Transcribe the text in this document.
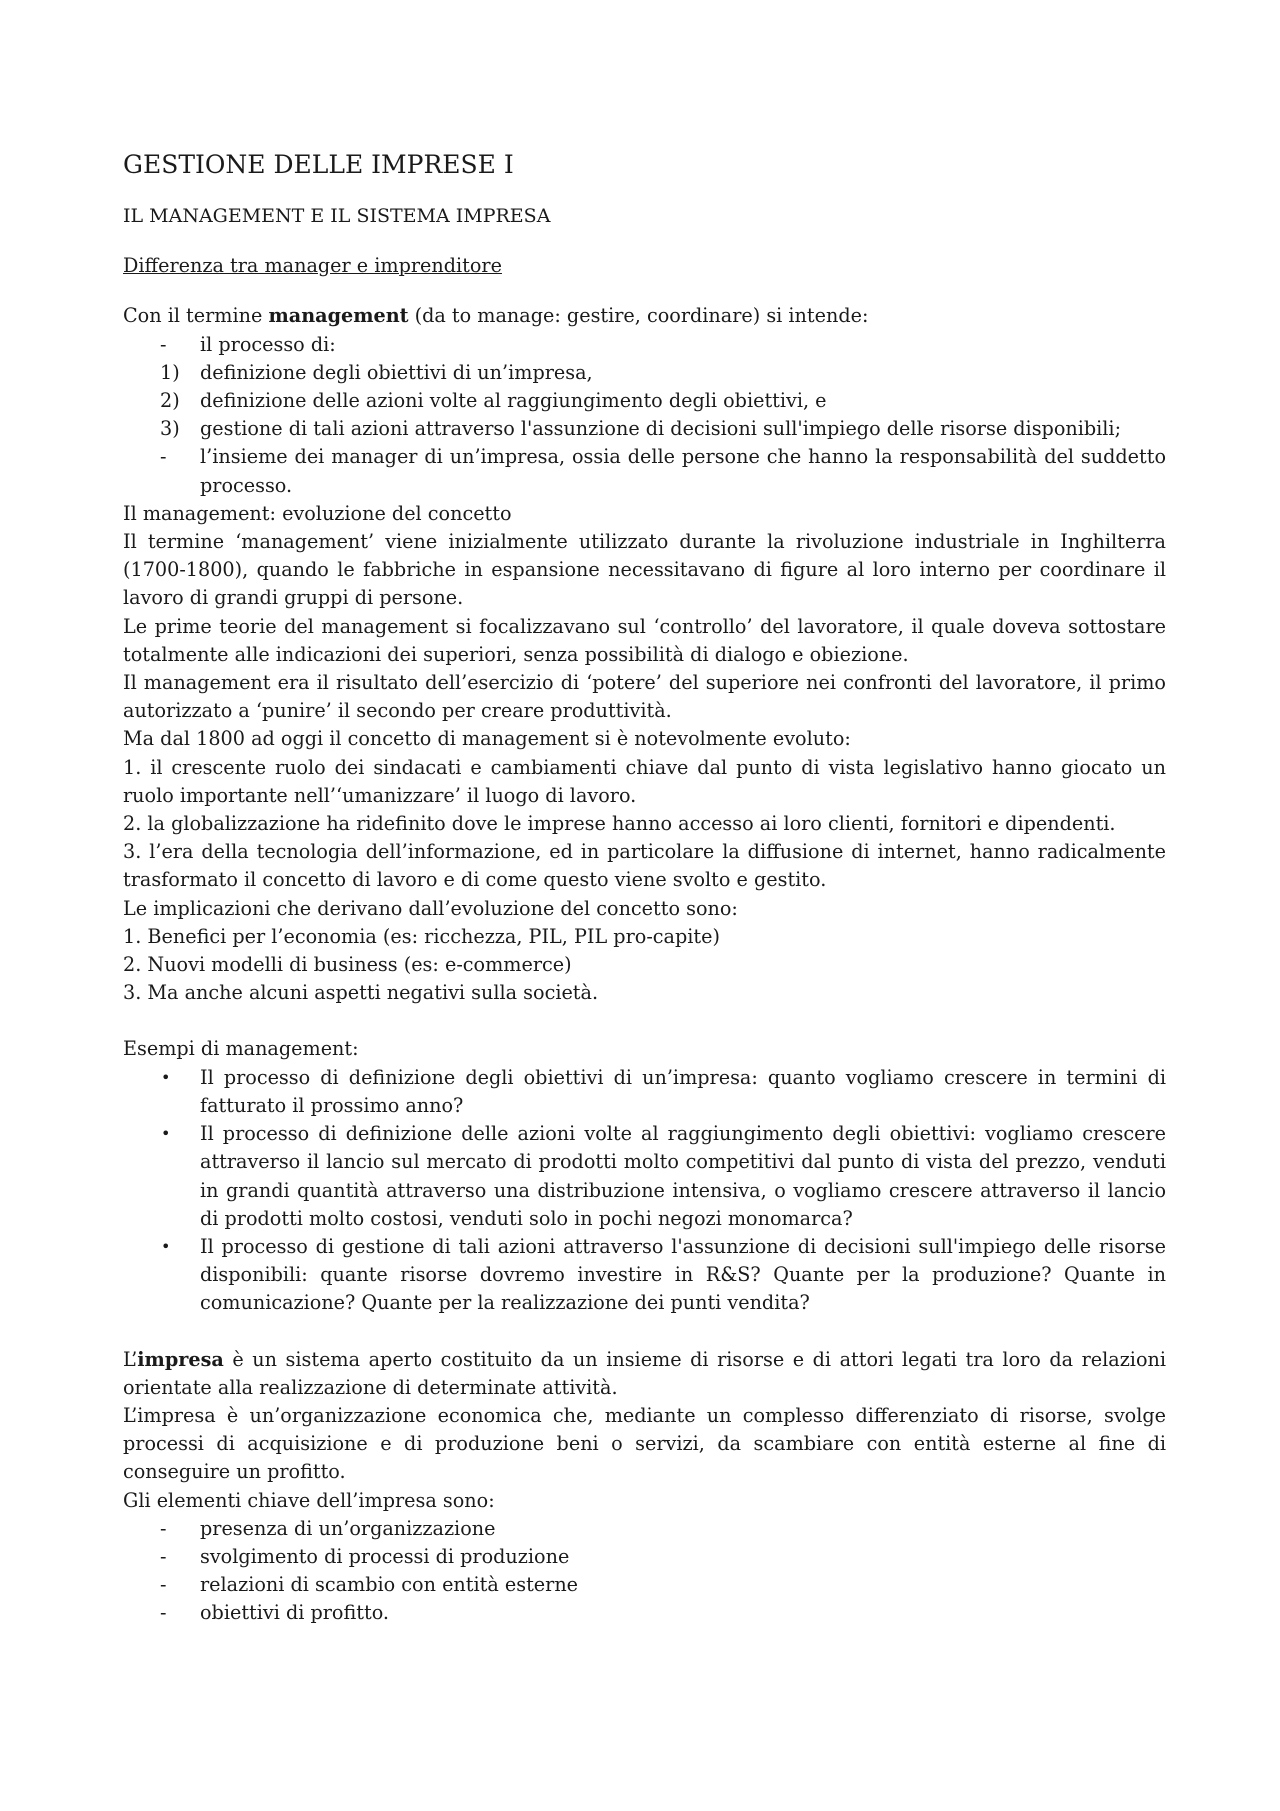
GESTIONE DELLE IMPRESE I

IL MANAGEMENT E IL SISTEMA IMPRESA

Differenza tra manager e imprenditore

Con il termine management (da to manage: gestire, coordinare) si intende:

-	il processo di:
1)	definizione degli obiettivi di un’impresa,
2)	definizione delle azioni volte al raggiungimento degli obiettivi, e
3)	gestione di tali azioni attraverso l'assunzione di decisioni sull'impiego delle risorse disponibili;
-	l’insieme dei manager di un’impresa, ossia delle persone che hanno la responsabilità del suddetto processo.

Il management: evoluzione del concetto

Il termine ‘management’ viene inizialmente utilizzato durante la rivoluzione industriale in Inghilterra (1700-1800), quando le fabbriche in espansione necessitavano di figure al loro interno per coordinare il lavoro di grandi gruppi di persone.

Le prime teorie del management si focalizzavano sul ‘controllo’ del lavoratore, il quale doveva sottostare totalmente alle indicazioni dei superiori, senza possibilità di dialogo e obiezione.

Il management era il risultato dell’esercizio di ‘potere’ del superiore nei confronti del lavoratore, il primo autorizzato a ‘punire’ il secondo per creare produttività.

Ma dal 1800 ad oggi il concetto di management si è notevolmente evoluto:

1. il crescente ruolo dei sindacati e cambiamenti chiave dal punto di vista legislativo hanno giocato un ruolo importante nell’‘umanizzare’ il luogo di lavoro.

2. la globalizzazione ha ridefinito dove le imprese hanno accesso ai loro clienti, fornitori e dipendenti.

3. l’era della tecnologia dell’informazione, ed in particolare la diffusione di internet, hanno radicalmente trasformato il concetto di lavoro e di come questo viene svolto e gestito.

Le implicazioni che derivano dall’evoluzione del concetto sono:

1. Benefici per l’economia (es: ricchezza, PIL, PIL pro-capite)

2. Nuovi modelli di business (es: e-commerce)

3. Ma anche alcuni aspetti negativi sulla società.

Esempi di management:

•	Il processo di definizione degli obiettivi di un’impresa: quanto vogliamo crescere in termini di fatturato il prossimo anno?
•	Il processo di definizione delle azioni volte al raggiungimento degli obiettivi: vogliamo crescere attraverso il lancio sul mercato di prodotti molto competitivi dal punto di vista del prezzo, venduti in grandi quantità attraverso una distribuzione intensiva, o vogliamo crescere attraverso il lancio di prodotti molto costosi, venduti solo in pochi negozi monomarca?
•	Il processo di gestione di tali azioni attraverso l'assunzione di decisioni sull'impiego delle risorse disponibili: quante risorse dovremo investire in R&S? Quante per la produzione? Quante in comunicazione? Quante per la realizzazione dei punti vendita?

L’impresa è un sistema aperto costituito da un insieme di risorse e di attori legati tra loro da relazioni orientate alla realizzazione di determinate attività.

L’impresa è un’organizzazione economica che, mediante un complesso differenziato di risorse, svolge processi di acquisizione e di produzione beni o servizi, da scambiare con entità esterne al fine di conseguire un profitto.

Gli elementi chiave dell’impresa sono:

-	presenza di un’organizzazione
-	svolgimento di processi di produzione
-	relazioni di scambio con entità esterne
-	obiettivi di profitto.
